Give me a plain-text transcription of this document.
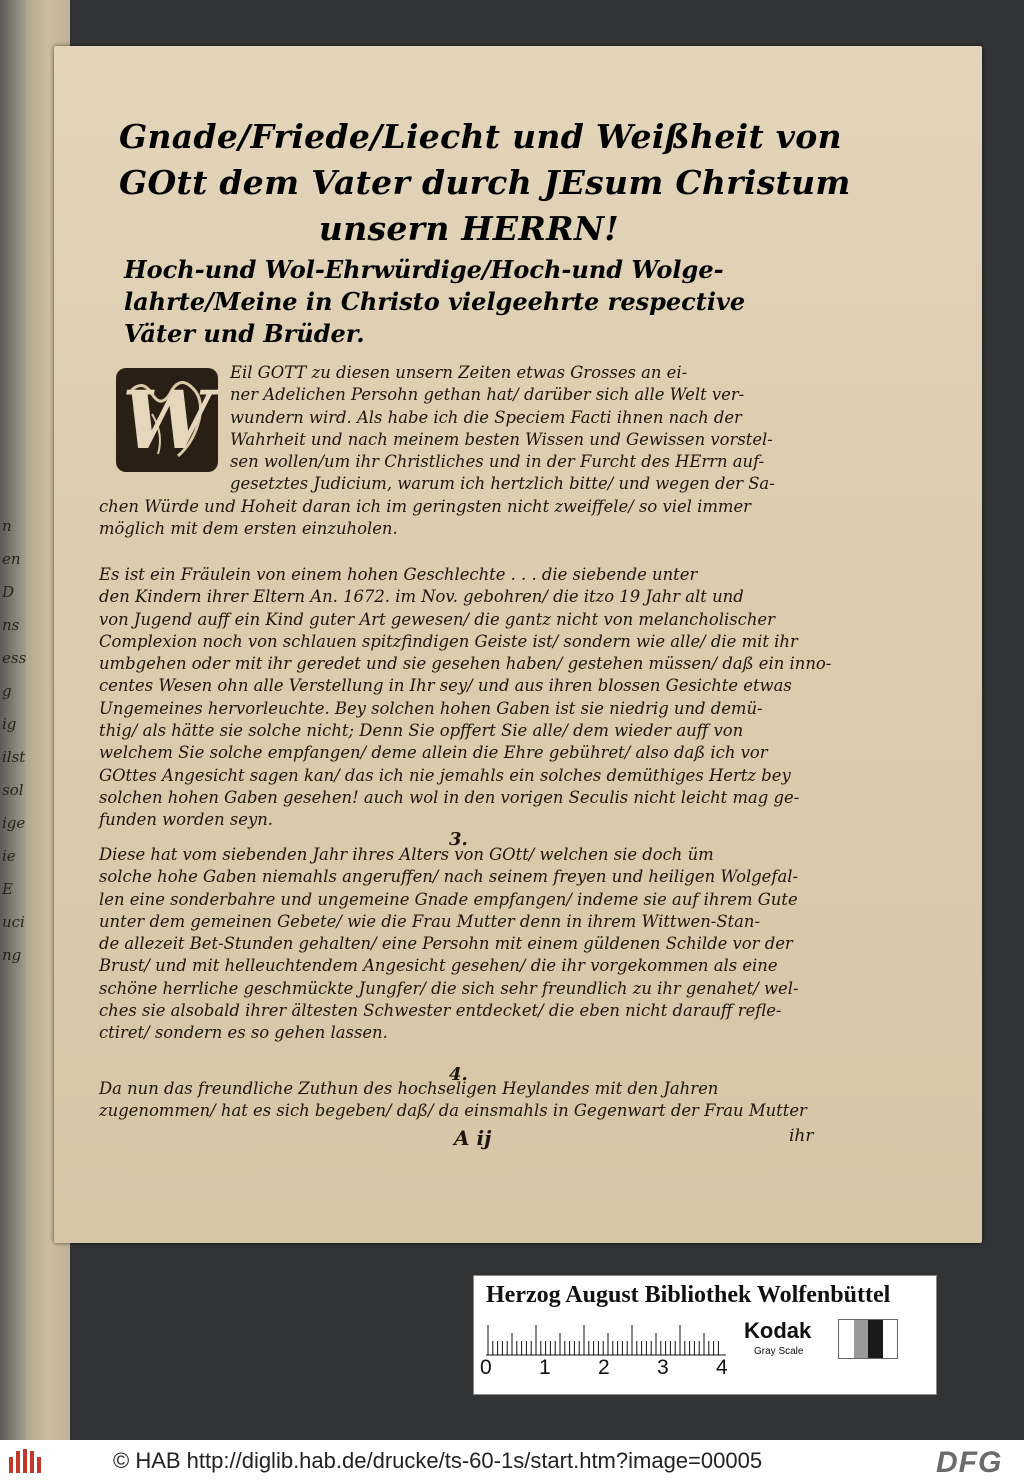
n
en
D
ns
ess
g
ig
ilst
sol
ige
ie
E
uci
ng
Gnade/Friede/Liecht und Weißheit von
GOtt dem Vater durch JEsum Christum
unsern HERRN!
Hoch-und Wol-Ehrwürdige/Hoch-und Wolge-
lahrte/Meine in Christo vielgeehrte respective
Väter und Brüder.
W
Eil GOTT zu diesen unsern Zeiten etwas Grosses an ei-
ner Adelichen Persohn gethan hat/ darüber sich alle Welt ver-
wundern wird. Als habe ich die Speciem Facti ihnen nach der
Wahrheit und nach meinem besten Wissen und Gewissen vorstel-
sen wollen/um ihr Christliches und in der Furcht des HErrn auf-
gesetztes Judicium, warum ich hertzlich bitte/ und wegen der Sa-
chen Würde und Hoheit daran ich im geringsten nicht zweiffele/ so viel immer
möglich mit dem ersten einzuholen.
Es ist ein Fräulein von einem hohen Geschlechte . . . die siebende unter
den Kindern ihrer Eltern An. 1672. im Nov. gebohren/ die itzo 19 Jahr alt und
von Jugend auff ein Kind guter Art gewesen/ die gantz nicht von melancholischer
Complexion noch von schlauen spitzfindigen Geiste ist/ sondern wie alle/ die mit ihr
umbgehen oder mit ihr geredet und sie gesehen haben/ gestehen müssen/ daß ein inno-
centes Wesen ohn alle Verstellung in Ihr sey/ und aus ihren blossen Gesichte etwas
Ungemeines hervorleuchte. Bey solchen hohen Gaben ist sie niedrig und demü-
thig/ als hätte sie solche nicht; Denn Sie opffert Sie alle/ dem wieder auff von
welchem Sie solche empfangen/ deme allein die Ehre gebühret/ also daß ich vor
GOttes Angesicht sagen kan/ das ich nie jemahls ein solches demüthiges Hertz bey
solchen hohen Gaben gesehen! auch wol in den vorigen Seculis nicht leicht mag ge-
funden worden seyn.
3.
Diese hat vom siebenden Jahr ihres Alters von GOtt/ welchen sie doch üm
solche hohe Gaben niemahls angeruffen/ nach seinem freyen und heiligen Wolgefal-
len eine sonderbahre und ungemeine Gnade empfangen/ indeme sie auf ihrem Gute
unter dem gemeinen Gebete/ wie die Frau Mutter denn in ihrem Wittwen-Stan-
de allezeit Bet-Stunden gehalten/ eine Persohn mit einem güldenen Schilde vor der
Brust/ und mit helleuchtendem Angesicht gesehen/ die ihr vorgekommen als eine
schöne herrliche geschmückte Jungfer/ die sich sehr freundlich zu ihr genahet/ wel-
ches sie alsobald ihrer ältesten Schwester entdecket/ die eben nicht darauff refle-
ctiret/ sondern es so gehen lassen.
4.
Da nun das freundliche Zuthun des hochseligen Heylandes mit den Jahren
zugenommen/ hat es sich begeben/ daß/ da einsmahls in Gegenwart der Frau Mutter
A ij	ihr
Herzog August Bibliothek Wolfenbüttel
0 1 2 3 4
Kodak
Gray Scale
© HAB http://diglib.hab.de/drucke/ts-60-1s/start.htm?image=00005	DFG
